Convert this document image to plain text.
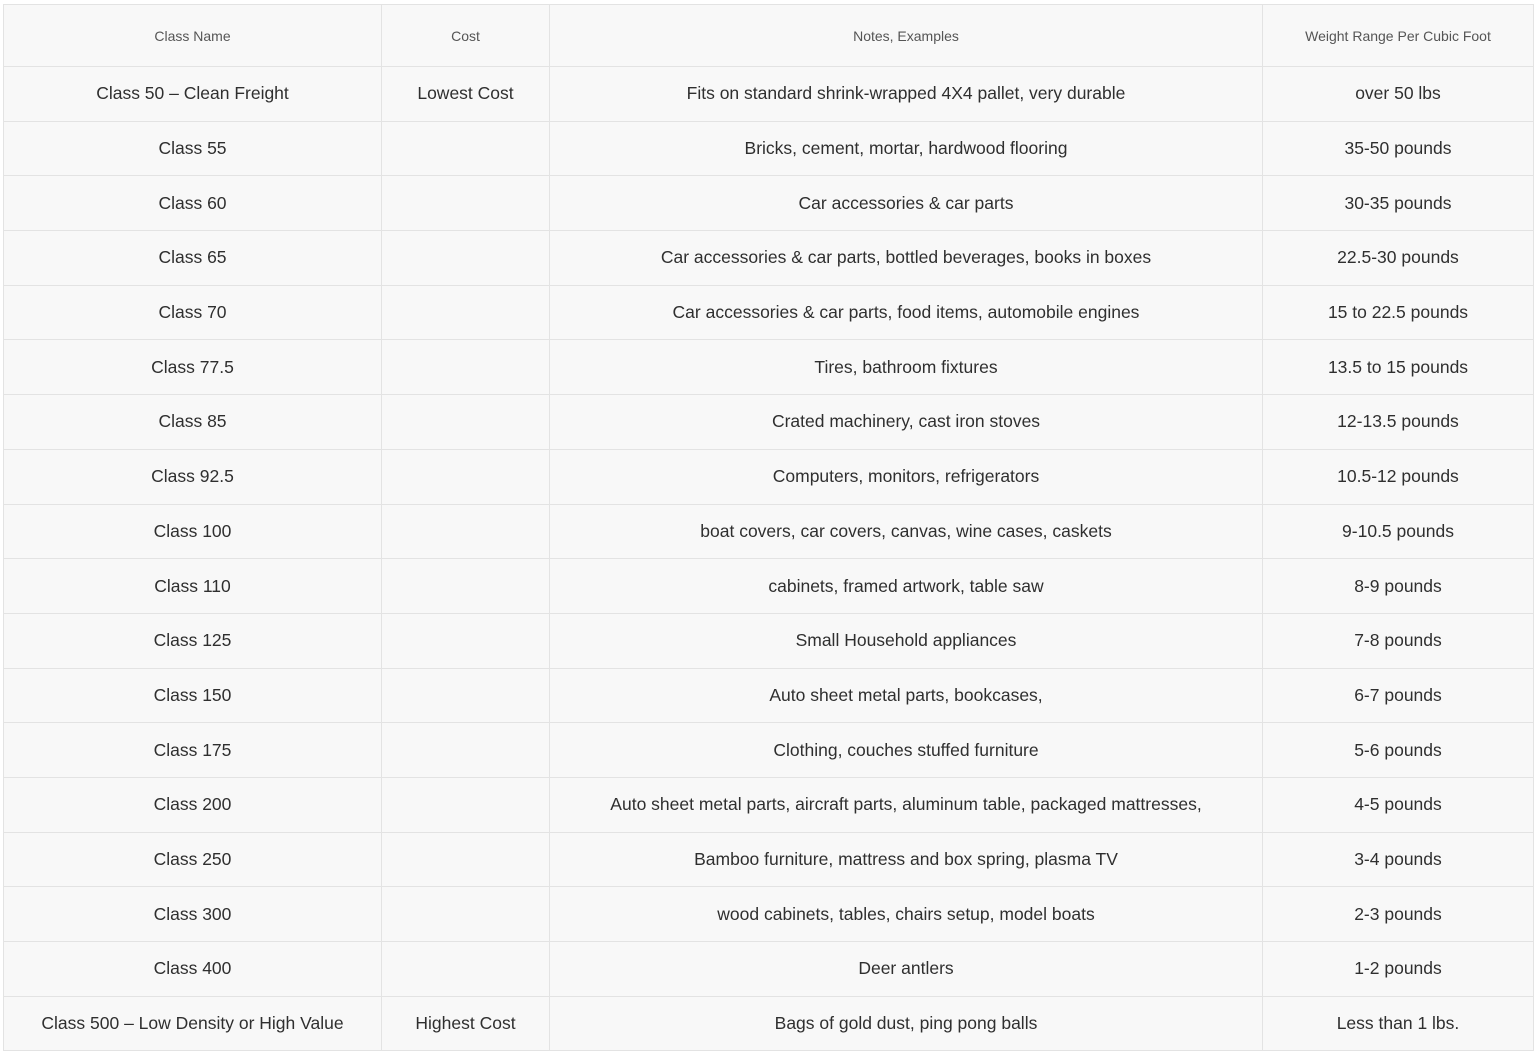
Class Name	Cost	Notes, Examples	Weight Range Per Cubic Foot
Class 50 – Clean Freight	Lowest Cost	Fits on standard shrink-wrapped 4X4 pallet, very durable	over 50 lbs
Class 55		Bricks, cement, mortar, hardwood flooring	35-50 pounds
Class 60		Car accessories & car parts	30-35 pounds
Class 65		Car accessories & car parts, bottled beverages, books in boxes	22.5-30 pounds
Class 70		Car accessories & car parts, food items, automobile engines	15 to 22.5 pounds
Class 77.5		Tires, bathroom fixtures	13.5 to 15 pounds
Class 85		Crated machinery, cast iron stoves	12-13.5 pounds
Class 92.5		Computers, monitors, refrigerators	10.5-12 pounds
Class 100		boat covers, car covers, canvas, wine cases, caskets	9-10.5 pounds
Class 110		cabinets, framed artwork, table saw	8-9 pounds
Class 125		Small Household appliances	7-8 pounds
Class 150		Auto sheet metal parts, bookcases,	6-7 pounds
Class 175		Clothing, couches stuffed furniture	5-6 pounds
Class 200		Auto sheet metal parts, aircraft parts, aluminum table, packaged mattresses,	4-5 pounds
Class 250		Bamboo furniture, mattress and box spring, plasma TV	3-4 pounds
Class 300		wood cabinets, tables, chairs setup, model boats	2-3 pounds
Class 400		Deer antlers	1-2 pounds
Class 500 – Low Density or High Value	Highest Cost	Bags of gold dust, ping pong balls	Less than 1 lbs.
